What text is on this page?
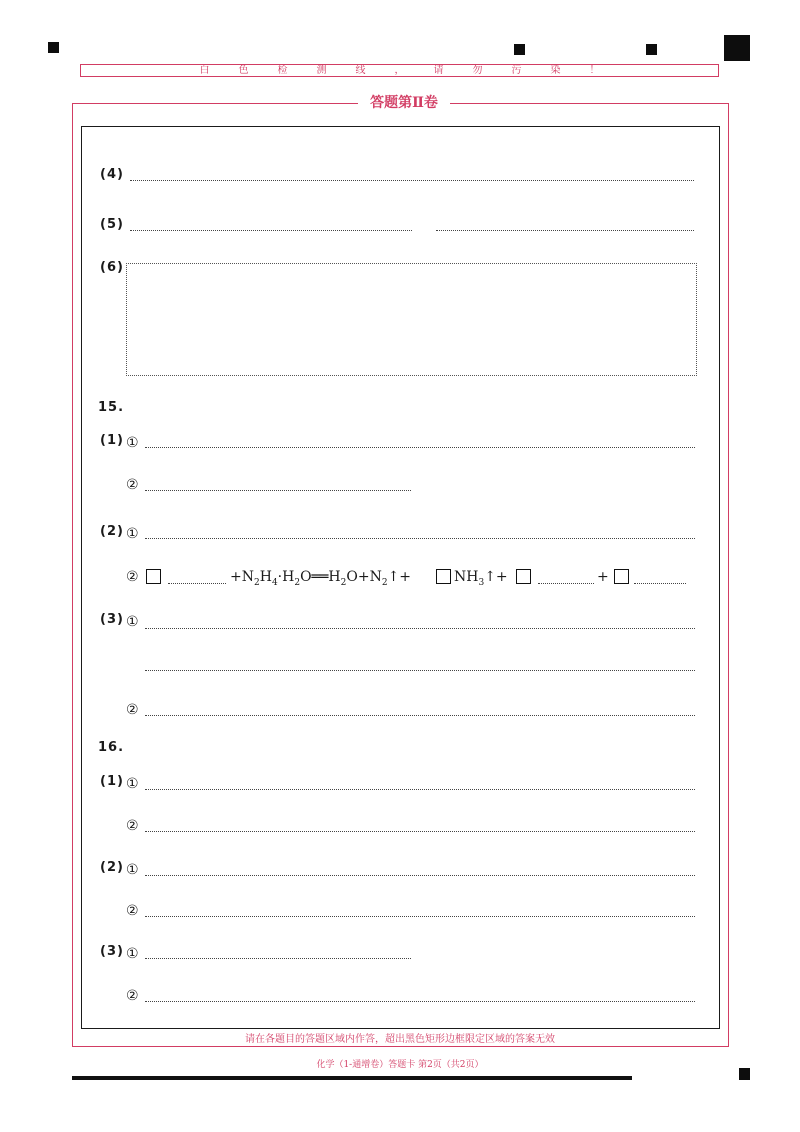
白	色	检	测	线	，	请	勿	污	染	！
答题第Ⅱ卷
(4)
(5)
(6)
15.
(1) ①
②
(2) ①
②	$+N_2H_4\cdot H_2O══H_2O+N_2↑+$	$NH_3↑+$	+
(3) ①
②
16.
(1) ①
②
(2) ①
②
(3) ①
②
请在各题目的答题区域内作答，超出黑色矩形边框限定区域的答案无效
化学（1-通增卷）答题卡 第2页（共2页）
